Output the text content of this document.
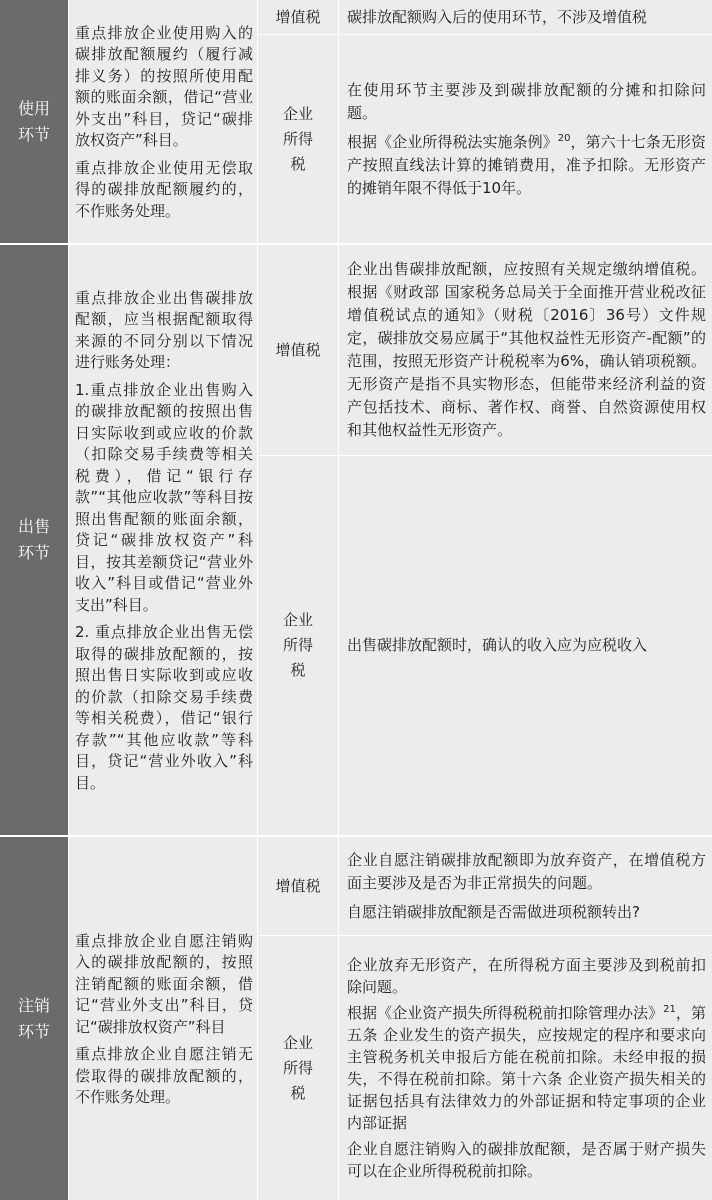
使用环节

重点排放企业使用购入的碳排放配额履约（履行减排义务）的按照所使用配额的账面余额，借记“营业外支出”科目，贷记“碳排放权资产”科目。

重点排放企业使用无偿取得的碳排放配额履约的，不作账务处理。

增值税	碳排放配额购入后的使用环节，不涉及增值税

企业所得税

在使用环节主要涉及到碳排放配额的分摊和扣除问题。

根据《企业所得税法实施条例》$^{20}$，第六十七条无形资产按照直线法计算的摊销费用，准予扣除。无形资产的摊销年限不得低于10年。

出售环节

重点排放企业出售碳排放配额，应当根据配额取得来源的不同分别以下情况进行账务处理：

1.重点排放企业出售购入的碳排放配额的按照出售日实际收到或应收的价款（扣除交易手续费等相关税费），借记“银行存款”“其他应收款”等科目按照出售配额的账面余额，贷记“碳排放权资产”科目，按其差额贷记“营业外收入”科目或借记“营业外支出”科目。

2. 重点排放企业出售无偿取得的碳排放配额的，按照出售日实际收到或应收的价款（扣除交易手续费等相关税费），借记“银行存款”“其他应收款”等科目，贷记“营业外收入”科目。

增值税

企业出售碳排放配额，应按照有关规定缴纳增值税。根据《财政部 国家税务总局关于全面推开营业税改征增值税试点的通知》（财税〔2016〕36号）文件规定，碳排放交易应属于“其他权益性无形资产-配额”的范围，按照无形资产计税税率为6%，确认销项税额。无形资产是指不具实物形态，但能带来经济利益的资产包括技术、商标、著作权、商誉、自然资源使用权和其他权益性无形资产。

企业所得税

出售碳排放配额时，确认的收入应为应税收入

注销环节

重点排放企业自愿注销购入的碳排放配额的，按照注销配额的账面余额，借记“营业外支出”科目，贷记“碳排放权资产”科目

重点排放企业自愿注销无偿取得的碳排放配额的，不作账务处理。

增值税

企业自愿注销碳排放配额即为放弃资产，在增值税方面主要涉及是否为非正常损失的问题。

自愿注销碳排放配额是否需做进项税额转出?

企业所得税

企业放弃无形资产，在所得税方面主要涉及到税前扣除问题。

根据《企业资产损失所得税税前扣除管理办法》$^{21}$，第五条 企业发生的资产损失，应按规定的程序和要求向主管税务机关申报后方能在税前扣除。未经申报的损失，不得在税前扣除。第十六条 企业资产损失相关的证据包括具有法律效力的外部证据和特定事项的企业内部证据

企业自愿注销购入的碳排放配额，是否属于财产损失可以在企业所得税税前扣除。
